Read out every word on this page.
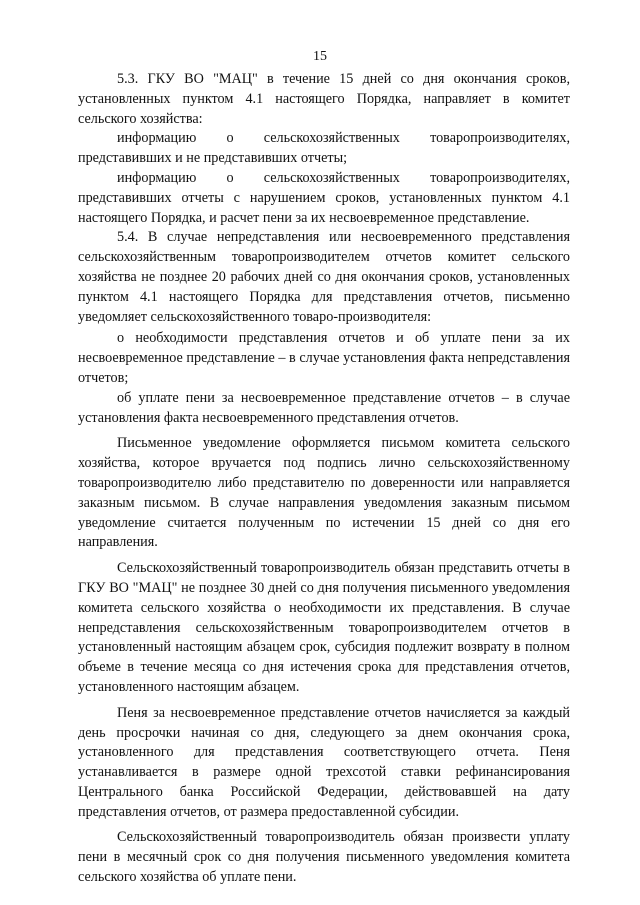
15

5.3. ГКУ ВО "МАЦ" в течение 15 дней со дня окончания сроков, установленных пунктом 4.1 настоящего Порядка, направляет в комитет сельского хозяйства:

информацию о сельскохозяйственных товаропроизводителях, представивших и не представивших отчеты;

информацию о сельскохозяйственных товаропроизводителях, представивших отчеты с нарушением сроков, установленных пунктом 4.1 настоящего Порядка, и расчет пени за их несвоевременное представление.

5.4. В случае непредставления или несвоевременного представления сельскохозяйственным товаропроизводителем отчетов комитет сельского хозяйства не позднее 20 рабочих дней со дня окончания сроков, установленных пунктом 4.1 настоящего Порядка для представления отчетов, письменно уведомляет сельскохозяйственного товаро-производителя:

о необходимости представления отчетов и об уплате пени за их несвоевременное представление – в случае установления факта непредставления отчетов;

об уплате пени за несвоевременное представление отчетов – в случае установления факта несвоевременного представления отчетов.

Письменное уведомление оформляется письмом комитета сельского хозяйства, которое вручается под подпись лично сельскохозяйственному товаропроизводителю либо представителю по доверенности или направляется заказным письмом. В случае направления уведомления заказным письмом уведомление считается полученным по истечении 15 дней со дня его направления.

Сельскохозяйственный товаропроизводитель обязан представить отчеты в ГКУ ВО "МАЦ" не позднее 30 дней со дня получения письменного уведомления комитета сельского хозяйства о необходимости их представления. В случае непредставления сельскохозяйственным товаропроизводителем отчетов в установленный настоящим абзацем срок, субсидия подлежит возврату в полном объеме в течение месяца со дня истечения срока для представления отчетов, установленного настоящим абзацем.

Пеня за несвоевременное представление отчетов начисляется за каждый день просрочки начиная со дня, следующего за днем окончания срока, установленного для представления соответствующего отчета. Пеня устанавливается в размере одной трехсотой ставки рефинансирования Центрального банка Российской Федерации, действовавшей на дату представления отчетов, от размера предоставленной субсидии.

Сельскохозяйственный товаропроизводитель обязан произвести уплату пени в месячный срок со дня получения письменного уведомления комитета сельского хозяйства об уплате пени.
